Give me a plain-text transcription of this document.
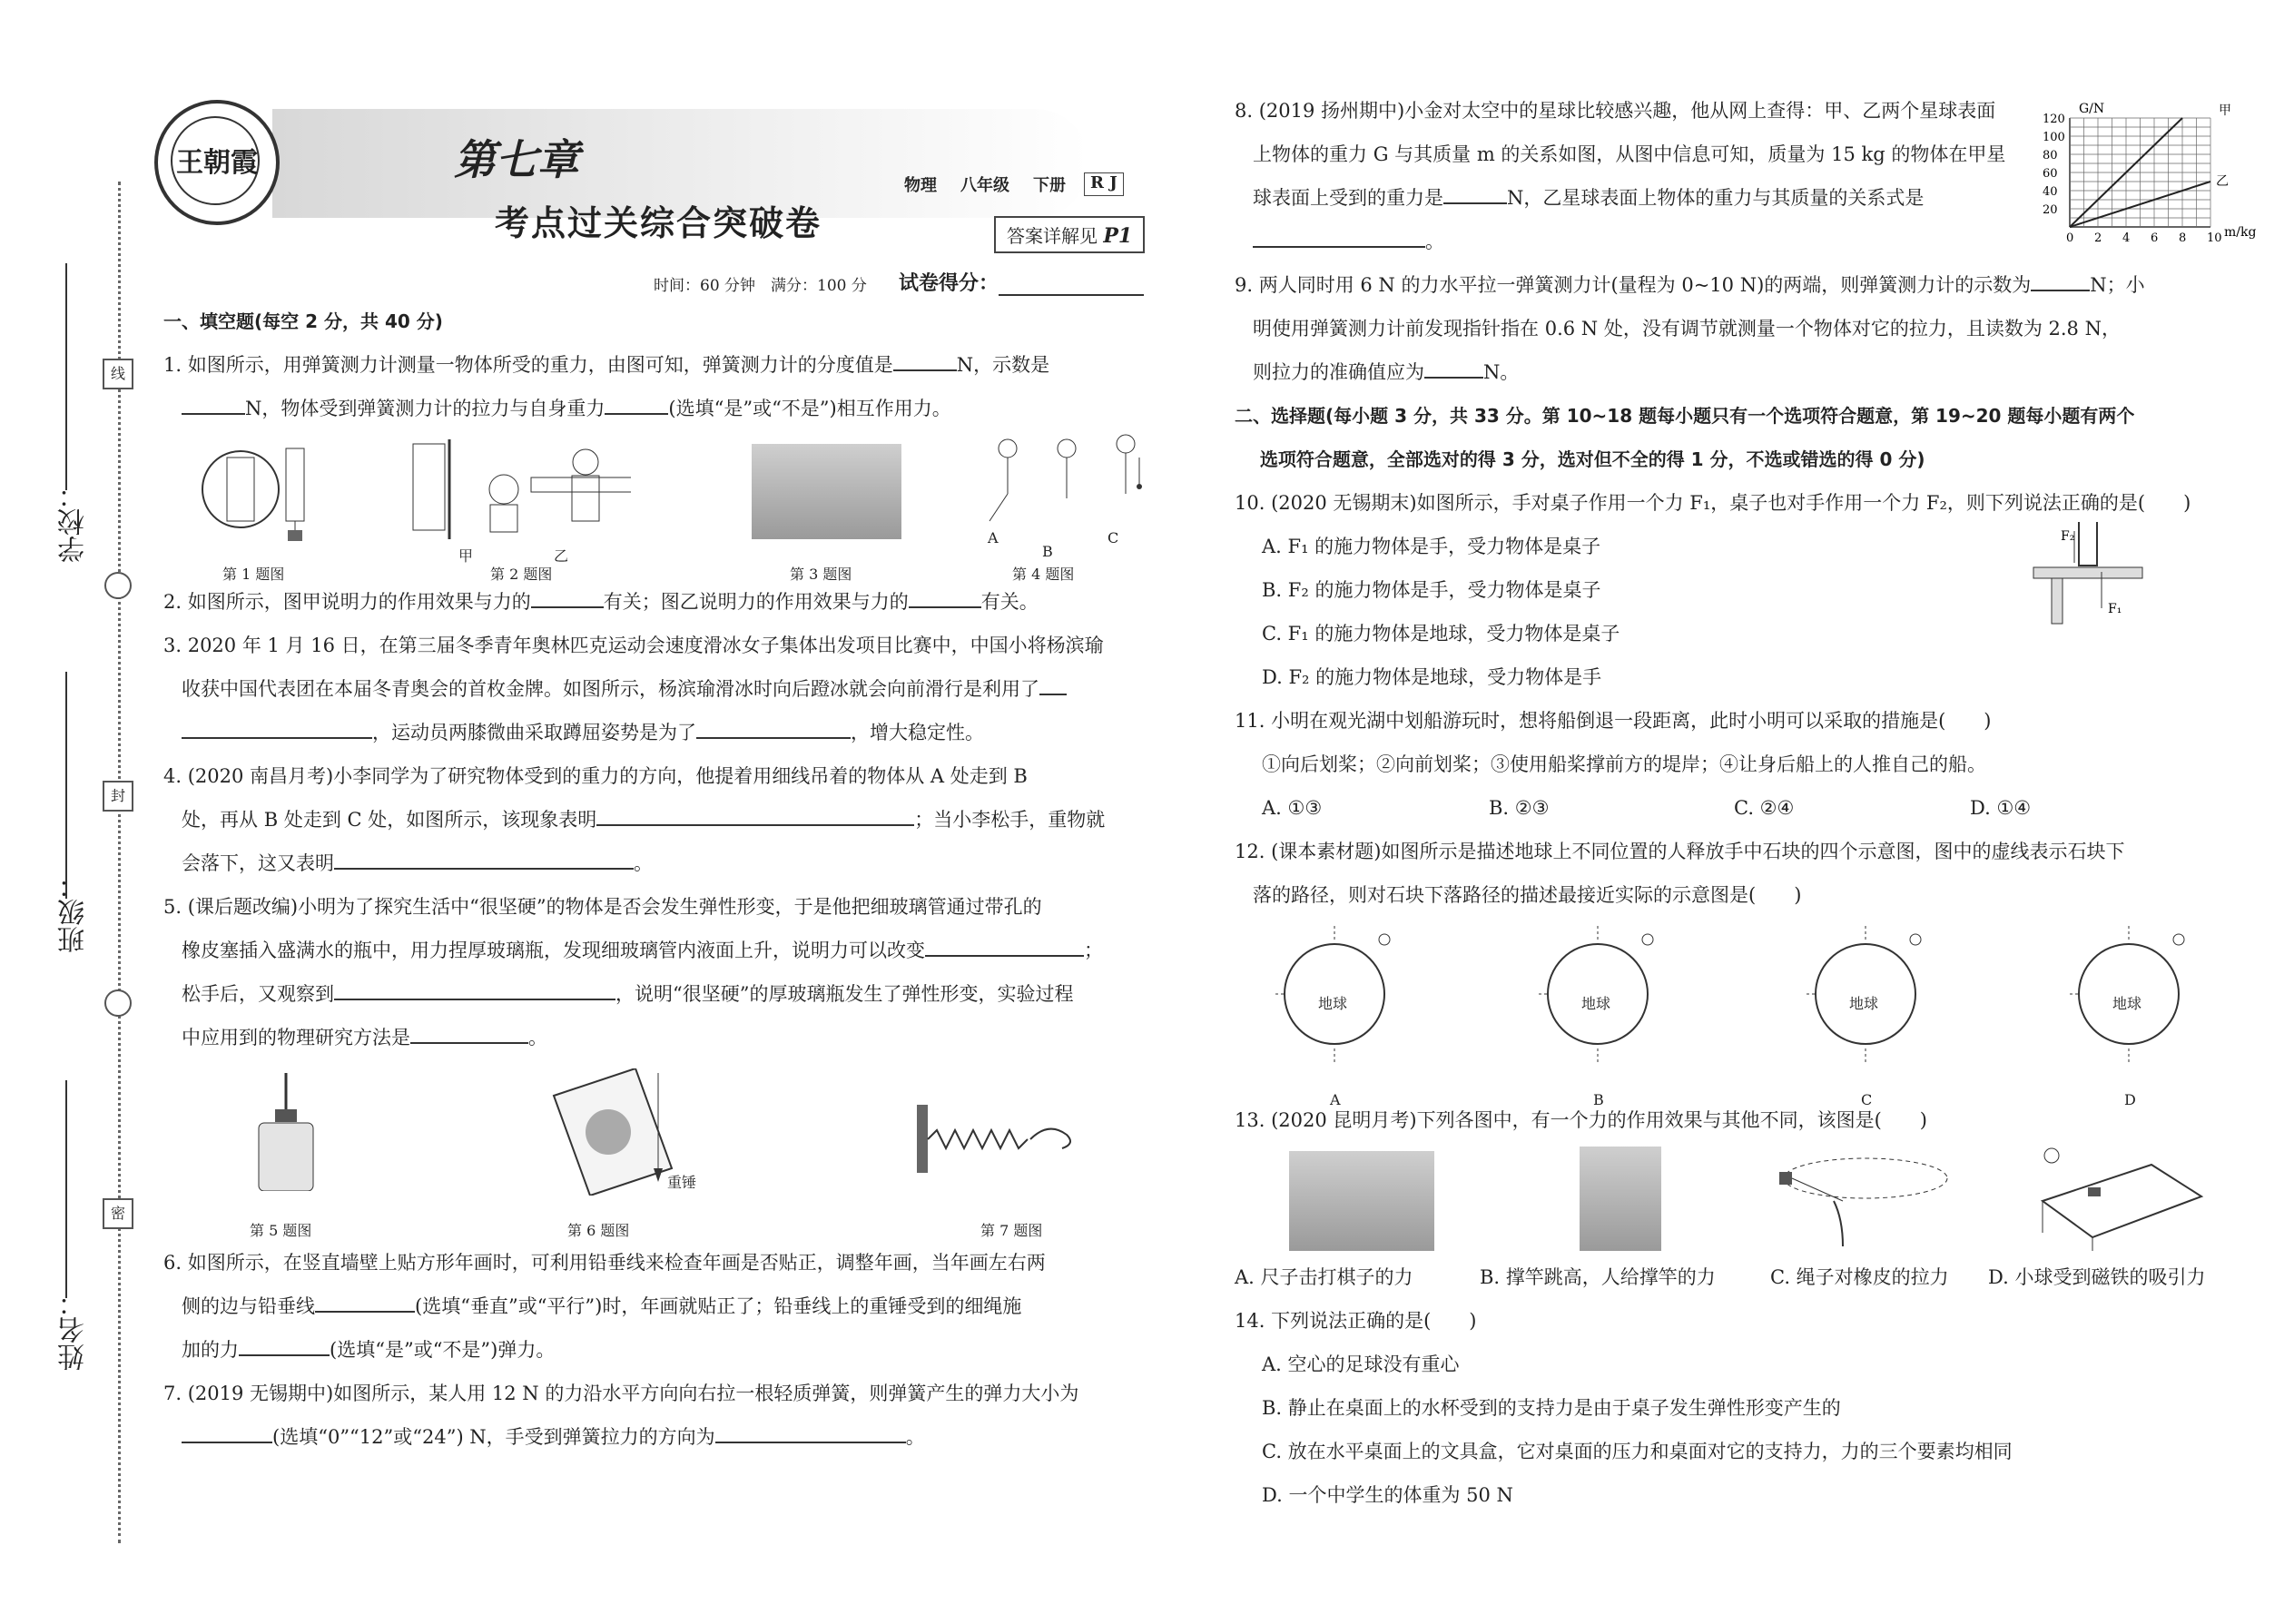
线
封
密
学校：
班级：
姓名：
王朝霞	第七章
考点过关综合突破卷
物理	八年级	下册	R J
答案详解见 P1
时间：60 分钟　满分：100 分 试卷得分：
一、填空题(每空 2 分，共 40 分)
1. 如图所示，用弹簧测力计测量一物体所受的重力，由图可知，弹簧测力计的分度值是	N，示数是
N，物体受到弹簧测力计的拉力与自身重力	(选填“是”或“不是”)相互作用力。
第 1 题图
甲	乙
第 2 题图	第 3 题图
A
B
C
第 4 题图
2. 如图所示，图甲说明力的作用效果与力的	有关；图乙说明力的作用效果与力的	有关。
3. 2020 年 1 月 16 日，在第三届冬季青年奥林匹克运动会速度滑冰女子集体出发项目比赛中，中国小将杨滨瑜
收获中国代表团在本届冬青奥会的首枚金牌。如图所示，杨滨瑜滑冰时向后蹬冰就会向前滑行是利用了
，运动员两膝微曲采取蹲屈姿势是为了	，增大稳定性。
4. (2020 南昌月考)小李同学为了研究物体受到的重力的方向，他提着用细线吊着的物体从 A 处走到 B
处，再从 B 处走到 C 处，如图所示，该现象表明	；当小李松手，重物就
会落下，这又表明	。
5. (课后题改编)小明为了探究生活中“很坚硬”的物体是否会发生弹性形变，于是他把细玻璃管通过带孔的
橡皮塞插入盛满水的瓶中，用力捏厚玻璃瓶，发现细玻璃管内液面上升，说明力可以改变	；
松手后，又观察到	，说明“很坚硬”的厚玻璃瓶发生了弹性形变，实验过程
中应用到的物理研究方法是	。
第 5 题图
重锤
第 6 题图	第 7 题图
6. 如图所示，在竖直墙壁上贴方形年画时，可利用铅垂线来检查年画是否贴正，调整年画，当年画左右两
侧的边与铅垂线	(选填“垂直”或“平行”)时，年画就贴正了；铅垂线上的重锤受到的细绳施
加的力	(选填“是”或“不是”)弹力。
7. (2019 无锡期中)如图所示，某人用 12 N 的力沿水平方向向右拉一根轻质弹簧，则弹簧产生的弹力大小为
(选填“0”“12”或“24”) N，手受到弹簧拉力的方向为	。
8. (2019 扬州期中)小金对太空中的星球比较感兴趣，他从网上查得：甲、乙两个星球表面
上物体的重力 G 与其质量 m 的关系如图，从图中信息可知，质量为 15 kg 的物体在甲星
球表面上受到的重力是	N，乙星球表面上物体的重力与其质量的关系式是
。
9. 两人同时用 6 N 的力水平拉一弹簧测力计(量程为 0~10 N)的两端，则弹簧测力计的示数为	N；小
明使用弹簧测力计前发现指针指在 0.6 N 处，没有调节就测量一个物体对它的拉力，且读数为 2.8 N，
则拉力的准确值应为	N。
二、选择题(每小题 3 分，共 33 分。第 10~18 题每小题只有一个选项符合题意，第 19~20 题每小题有两个
选项符合题意，全部选对的得 3 分，选对但不全的得 1 分，不选或错选的得 0 分)
10. (2020 无锡期末)如图所示，手对桌子作用一个力 F₁，桌子也对手作用一个力 F₂，则下列说法正确的是(　　)
A. F₁ 的施力物体是手，受力物体是桌子
B. F₂ 的施力物体是手，受力物体是桌子
C. F₁ 的施力物体是地球，受力物体是桌子
D. F₂ 的施力物体是地球，受力物体是手
11. 小明在观光湖中划船游玩时，想将船倒退一段距离，此时小明可以采取的措施是(　　)
①向后划桨；②向前划桨；③使用船桨撑前方的堤岸；④让身后船上的人推自己的船。
A. ①③	B. ②③	C. ②④	D. ①④
12. (课本素材题)如图所示是描述地球上不同位置的人释放手中石块的四个示意图，图中的虚线表示石块下
落的路径，则对石块下落路径的描述最接近实际的示意图是(　　)
地球	地球	地球	地球
A	B	C	D
13. (2020 昆明月考)下列各图中，有一个力的作用效果与其他不同，该图是(　　)
A. 尺子击打棋子的力	B. 撑竿跳高，人给撑竿的力	C. 绳子对橡皮的拉力	D. 小球受到磁铁的吸引力
14. 下列说法正确的是(　　)
A. 空心的足球没有重心
B. 静止在桌面上的水杯受到的支持力是由于桌子发生弹性形变产生的
C. 放在水平桌面上的文具盒，它对桌面的压力和桌面对它的支持力，力的三个要素均相同
D. 一个中学生的体重为 50 N
F₂
F₁
甲
乙
0 2 4 6 8 10
20
40
60
80
100
120
G/N
m/kg
